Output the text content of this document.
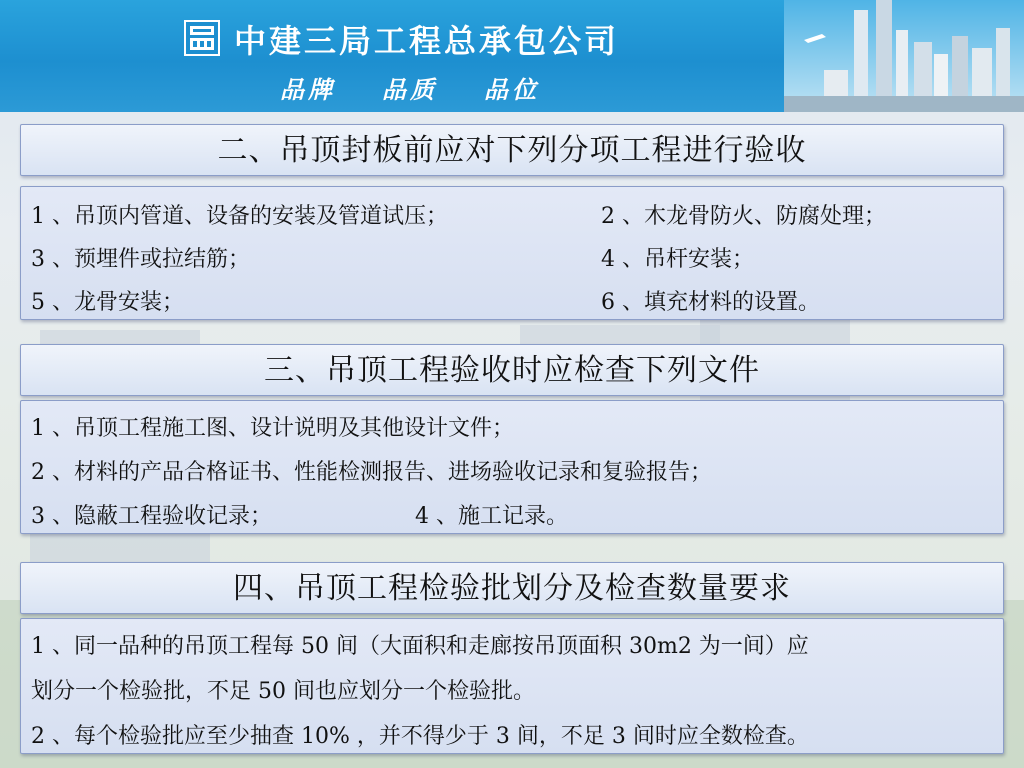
中建三局工程总承包公司
品牌 品质 品位
二、吊顶封板前应对下列分项工程进行验收
1 、吊顶内管道、设备的安装及管道试压；	2 、木龙骨防火、防腐处理；
3 、预埋件或拉结筋；	4 、吊杆安装；
5 、龙骨安装；	6 、填充材料的设置。
三、吊顶工程验收时应检查下列文件
1 、吊顶工程施工图、设计说明及其他设计文件；
2 、材料的产品合格证书、性能检测报告、进场验收记录和复验报告；
3 、隐蔽工程验收记录；	4 、施工记录。
四、吊顶工程检验批划分及检查数量要求
1 、同一品种的吊顶工程每 50 间（大面积和走廊按吊顶面积 30m2 为一间）应
划分一个检验批，不足 50 间也应划分一个检验批。
2 、每个检验批应至少抽查 10% ，并不得少于 3 间，不足 3 间时应全数检查。
